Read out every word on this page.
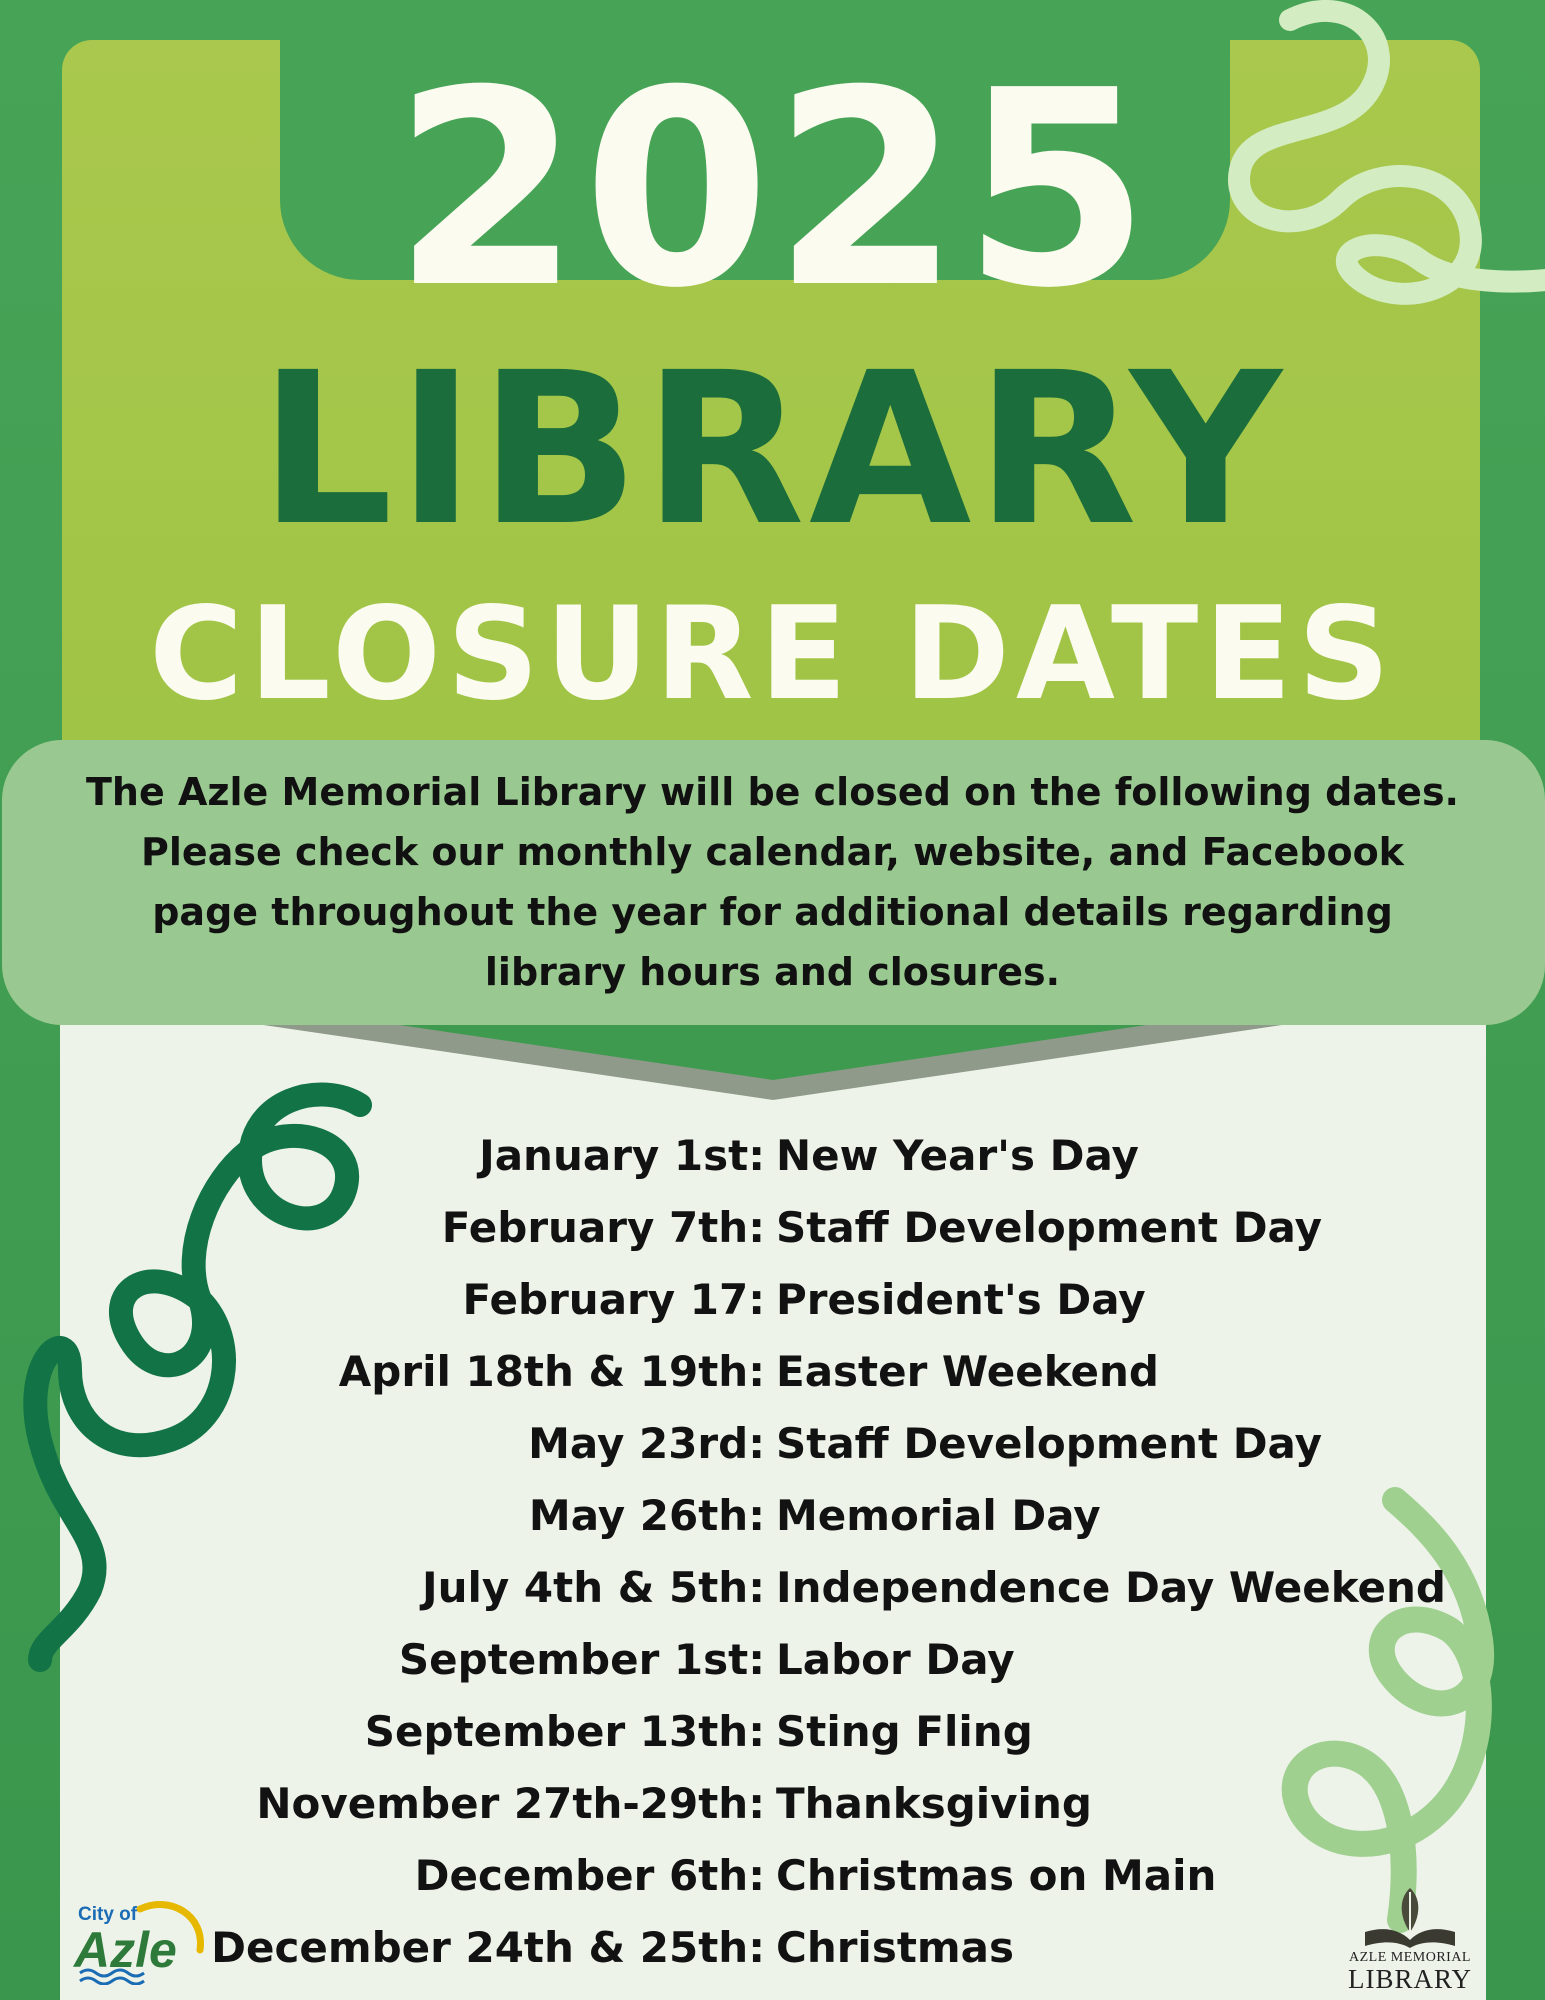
2025
LIBRARY
CLOSURE DATES
The Azle Memorial Library will be closed on the following dates.
Please check our monthly calendar, website, and Facebook
page throughout the year for additional details regarding
library hours and closures.
January 1st: New Year's Day
February 7th: Staff Development Day
February 17: President's Day
April 18th & 19th: Easter Weekend
May 23rd: Staff Development Day
May 26th: Memorial Day
July 4th & 5th: Independence Day Weekend
September 1st: Labor Day
September 13th: Sting Fling
November 27th-29th: Thanksgiving
December 6th: Christmas on Main
December 24th & 25th: Christmas
City of
Azle	AZLE MEMORIAL
LIBRARY
